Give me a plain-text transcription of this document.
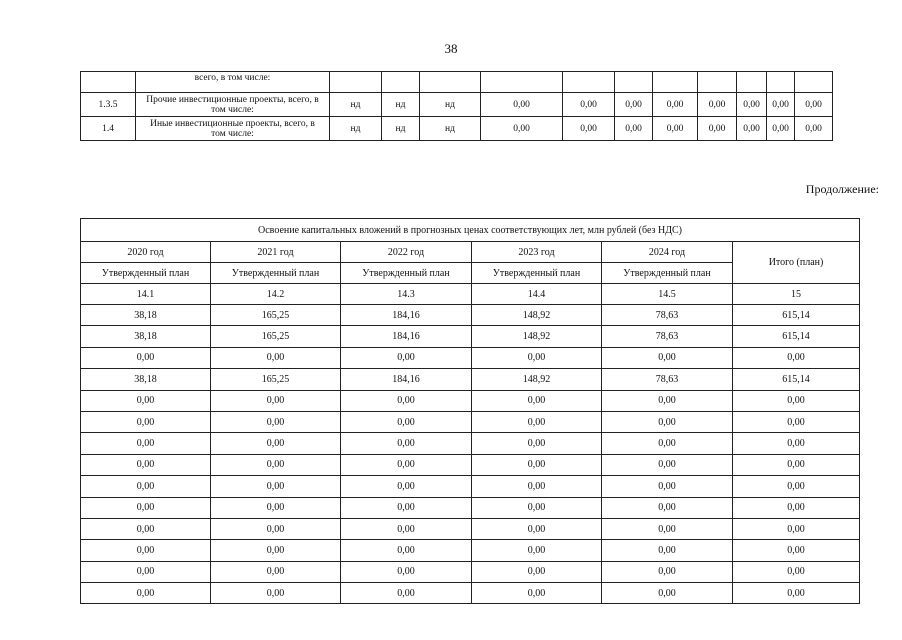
38
	всего, в том числе:											
1.3.5	Прочие инвестиционные проекты, всего, в том числе:	нд	нд	нд	0,00	0,00	0,00	0,00	0,00	0,00	0,00	0,00
1.4	Иные инвестиционные проекты, всего, в том числе:	нд	нд	нд	0,00	0,00	0,00	0,00	0,00	0,00	0,00	0,00
Продолжение:
Освоение капитальных вложений в прогнозных ценах соответствующих лет, млн рублей (без НДС)					
2020 год	2021 год	2022 год	2023 год	2024 год	Итого (план)
Утвержденный план	Утвержденный план	Утвержденный план	Утвержденный план	Утвержденный план	
14.1	14.2	14.3	14.4	14.5	15
38,18	165,25	184,16	148,92	78,63	615,14
38,18	165,25	184,16	148,92	78,63	615,14
0,00	0,00	0,00	0,00	0,00	0,00
38,18	165,25	184,16	148,92	78,63	615,14
0,00	0,00	0,00	0,00	0,00	0,00
0,00	0,00	0,00	0,00	0,00	0,00
0,00	0,00	0,00	0,00	0,00	0,00
0,00	0,00	0,00	0,00	0,00	0,00
0,00	0,00	0,00	0,00	0,00	0,00
0,00	0,00	0,00	0,00	0,00	0,00
0,00	0,00	0,00	0,00	0,00	0,00
0,00	0,00	0,00	0,00	0,00	0,00
0,00	0,00	0,00	0,00	0,00	0,00
0,00	0,00	0,00	0,00	0,00	0,00
